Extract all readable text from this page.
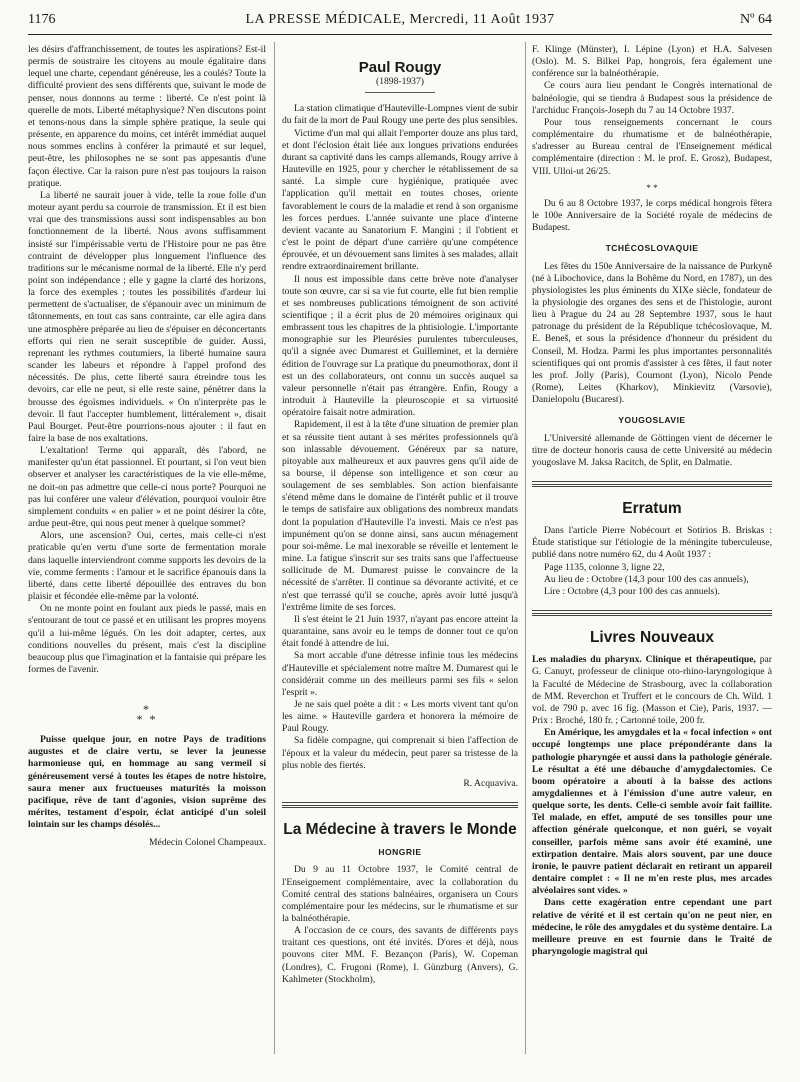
1176	LA PRESSE MÉDICALE, Mercredi, 11 Août 1937	Nº 64

les désirs d'affranchissement, de toutes les aspirations? Est-il permis de soustraire les citoyens au moule égalitaire dans lequel une charte, cependant généreuse, les a coulés? Toute la difficulté provient des sens différents que, suivant le mode de penser, nous donnons au terme : liberté. Ce n'est point là querelle de mots. Liberté métaphysique? N'en discutons point et tenons-nous dans la simple sphère pratique, la seule qui présente, en apparence du moins, cet intérêt immédiat auquel nous sommes enclins à conférer la primauté et sur lequel, peut-être, les philosophes ne se sont pas appesantis d'une façon élective. Car la raison pure n'est pas toujours la raison pratique.

La liberté ne saurait jouer à vide, telle la roue folle d'un moteur ayant perdu sa courroie de transmission. Et il est bien vrai que des transmissions aussi sont indispensables au bon fonctionnement de la liberté. Nous avons suffisamment insisté sur l'impérissable vertu de l'Histoire pour ne pas être contraint de développer plus longuement l'influence des traditions sur le mécanisme normal de la liberté. Elle n'y perd point son indépendance ; elle y gagne la clarté des horizons, la force des exemples ; toutes les possibilités d'ardeur lui permettent de s'actualiser, de s'épanouir avec un minimum de tâtonnements, en tout cas sans contrainte, car elle agira dans une atmosphère préparée au lieu de s'épuiser en déconcertants efforts qui rien ne serait susceptible de guider. Aussi, reprenant les rythmes coutumiers, la liberté humaine saura scander les labeurs et répondre à l'appel profond des nécessités. De plus, cette liberté saura étreindre tous les devoirs, car elle ne peut, si elle reste saine, pénétrer dans la brousse des égoïsmes individuels. « On n'interprète pas le devoir. Il faut l'accepter humblement, littéralement », disait Paul Bourget. Peut-être pourrions-nous ajouter : il faut en faire la base de nos exaltations.

L'exaltation! Terme qui apparaît, dès l'abord, ne manifester qu'un état passionnel. Et pourtant, si l'on veut bien observer et analyser les caractéristiques de la vie elle-même, ne doit-on pas admettre que celle-ci nous porte? Pourquoi ne pas lui conférer une valeur d'élévation, pourquoi vouloir être simplement conduits « en palier » et ne point désirer la côte, ardue peut-être, qui nous peut mener à quelque sommet?

Alors, une ascension? Oui, certes, mais celle-ci n'est praticable qu'en vertu d'une sorte de fermentation morale dans laquelle interviendront comme supports les devoirs de la vie, comme ferments : l'amour et le sacrifice épanouis dans la liberté, dans cette liberté dépouillée des entraves du bon plaisir et fécondée elle-même par la volonté.

On ne monte point en foulant aux pieds le passé, mais en s'entourant de tout ce passé et en utilisant les propres moyens qu'il a lui-même légués. On les doit adapter, certes, aux conditions nouvelles du présent, mais c'est la discipline beaucoup plus que l'imagination et la fantaisie qui prépare les formes de l'avenir.

*
* *

Puisse quelque jour, en notre Pays de traditions augustes et de claire vertu, se lever la jeunesse harmonieuse qui, en hommage au sang vermeil si généreusement versé à toutes les étapes de notre histoire, saura mener aux fructueuses maturités la moisson pacifique, rêve de tant d'agonies, vision suprême des mérites, testament d'espoir, éclat anticipé d'un soleil lointain sur les champs désolés...

Médecin Colonel Champeaux.
Paul Rougy
(1898-1937)

La station climatique d'Hauteville-Lompnes vient de subir du fait de la mort de Paul Rougy une perte des plus sensibles.

Victime d'un mal qui allait l'emporter douze ans plus tard, et dont l'éclosion était liée aux longues privations endurées durant sa captivité dans les camps allemands, Rougy arrive à Hauteville en 1925, pour y chercher le rétablissement de sa santé. La simple cure hygiénique, pratiquée avec l'application qu'il mettait en toutes choses, oriente favorablement le cours de la maladie et rend à son organisme les forces perdues. L'année suivante une place d'interne devient vacante au Sanatorium F. Mangini ; il l'obtient et c'est le point de départ d'une carrière qu'une compétence éprouvée, et un dévouement sans limites à ses malades, allait rendre extraordinairement brillante.

Il nous est impossible dans cette brève note d'analyser toute son œuvre, car si sa vie fut courte, elle fut bien remplie et ses nombreuses publications témoignent de son activité scientifique ; il a écrit plus de 20 mémoires originaux qui embrassent tous les chapitres de la phtisiologie. L'importante monographie sur les Pleurésies purulentes tuberculeuses, qu'il a signée avec Dumarest et Guilleminet, et la dernière édition de l'ouvrage sur La pratique du pneumothorax, dont il est un des collaborateurs, ont connu un succès auquel sa valeur personnelle n'était pas étrangère. Enfin, Rougy a introduit à Hauteville la pleuroscopie et sa virtuosité opératoire faisait notre admiration.

Rapidement, il est à la tête d'une situation de premier plan et sa réussite tient autant à ses mérites professionnels qu'à son inlassable dévouement. Généreux par sa nature, pitoyable aux malheureux et aux pauvres gens qu'il aide de sa bourse, il dépense son intelligence et son cœur au soulagement de ses semblables. Son action bienfaisante s'étend même dans le domaine de l'intérêt public et il trouve le temps de satisfaire aux obligations des nombreux mandats dont la population d'Hauteville l'a investi. Mais ce n'est pas impunément qu'on se donne ainsi, sans aucun ménagement pour soi-même. Le mal inexorable se réveille et lentement le mine. La fatigue s'inscrit sur ses traits sans que l'affectueuse sollicitude de M. Dumarest puisse le convaincre de la nécessité de s'arrêter. Il continue sa dévorante activité, et ce n'est que terrassé qu'il se couche, après avoir lutté jusqu'à l'extrême limite de ses forces.

Il s'est éteint le 21 Juin 1937, n'ayant pas encore atteint la quarantaine, sans avoir eu le temps de donner tout ce qu'on était fondé à attendre de lui.

Sa mort accable d'une détresse infinie tous les médecins d'Hauteville et spécialement notre maître M. Dumarest qui le considérait comme un des meilleurs parmi ses fils « selon l'esprit ».

Je ne sais quel poète a dit : « Les morts vivent tant qu'on les aime. » Hauteville gardera et honorera la mémoire de Paul Rougy.

Sa fidèle compagne, qui comprenait si bien l'affection de l'époux et la valeur du médecin, peut parer sa tristesse de la plus noble des fiertés.

R. Acquaviva.
La Médecine à travers le Monde
HONGRIE

Du 9 au 11 Octobre 1937, le Comité central de l'Enseignement complémentaire, avec la collaboration du Comité central des stations balnéaires, organisera un Cours complémentaire pour les médecins, sur le rhumatisme et sur la balnéothérapie.

A l'occasion de ce cours, des savants de différents pays traitant ces questions, ont été invités. D'ores et déjà, nous pouvons citer MM. F. Bezançon (Paris), W. Copeman (Londres), C. Frugoni (Rome), I. Günzburg (Anvers), G. Kahlmeter (Stockholm),

F. Klinge (Münster), I. Lépine (Lyon) et H.A. Salvesen (Oslo). M. S. Bilkei Pap, hongrois, fera également une conférence sur la balnéothérapie.

Ce cours aura lieu pendant le Congrès international de balnéologie, qui se tiendra à Budapest sous la présidence de l'archiduc François-Joseph du 7 au 14 Octobre 1937.

Pour tous renseignements concernant le cours complémentaire du rhumatisme et de balnéothérapie, s'adresser au Bureau central de l'Enseignement médical complémentaire (direction : M. le prof. E. Grosz), Budapest, VIII. Ulloi-ut 26/25.

* *

Du 6 au 8 Octobre 1937, le corps médical hongrois fêtera le 100e Anniversaire de la Société royale de médecins de Budapest.

TCHÉCOSLOVAQUIE

Les fêtes du 150e Anniversaire de la naissance de Purkyně (né à Libochovice, dans la Bohême du Nord, en 1787), un des physiologistes les plus éminents du XIXe siècle, fondateur de la physiologie des organes des sens et de l'histologie, auront lieu à Prague du 24 au 28 Septembre 1937, sous le haut patronage du président de la République tchécoslovaque, M. E. Beneš, et sous la présidence d'honneur du président du Conseil, M. Hodza. Parmi les plus importantes personnalités scientifiques qui ont promis d'assister à ces fêtes, il faut noter les prof. Jolly (Paris), Cournont (Lyon), Nicolo Pende (Rome), Leites (Kharkov), Minkievitz (Varsovie), Danielopolu (Bucarest).

YOUGOSLAVIE

L'Université allemande de Göttingen vient de décerner le titre de docteur honoris causa de cette Université au médecin yougoslave M. Jaksa Racitch, de Split, en Dalmatie.

Erratum

Dans l'article Pierre Nobécourt et Sotirios B. Briskas : Étude statistique sur l'étiologie de la méningite tuberculeuse, publié dans notre numéro 62, du 4 Août 1937 :

Page 1135, colonne 3, ligne 22,

Au lieu de : Octobre (14,3 pour 100 des cas annuels),

Lire : Octobre (4,3 pour 100 des cas annuels).

Livres Nouveaux

Les maladies du pharynx. Clinique et thérapeutique, par G. Canuyt, professeur de clinique oto-rhino-laryngologique à la Faculté de Médecine de Strasbourg, avec la collaboration de MM. Reverchon et Truffert et le concours de Ch. Wild. 1 vol. de 790 p. avec 16 fig. (Masson et Cie), Paris, 1937. — Prix : Broché, 180 fr. ; Cartonné toile, 200 fr.

En Amérique, les amygdales et la « focal infection » ont occupé longtemps une place prépondérante dans la pathologie pharyngée et aussi dans la pathologie générale. Le résultat a été une débauche d'amygdalectomies. Ce boom opératoire a abouti à la baisse des actions amygdaliennes et à l'émission d'une autre valeur, en quelque sorte, les dents. Celle-ci semble avoir fait faillite. Tel malade, en effet, amputé de ses tonsilles pour une affection générale quelconque, et non guéri, se voyait conseiller, parfois même sans avoir été examiné, une extirpation dentaire. Mais alors souvent, par une douce ironie, le pauvre patient déclarait en retirant un appareil dentaire complet : « Il ne m'en reste plus, mes arcades alvéolaires sont vides. »

Dans cette exagération entre cependant une part relative de vérité et il est certain qu'on ne peut nier, en médecine, le rôle des amygdales et du système dentaire. La meilleure preuve en est fournie dans le Traité de pharyngologie magistral qui
